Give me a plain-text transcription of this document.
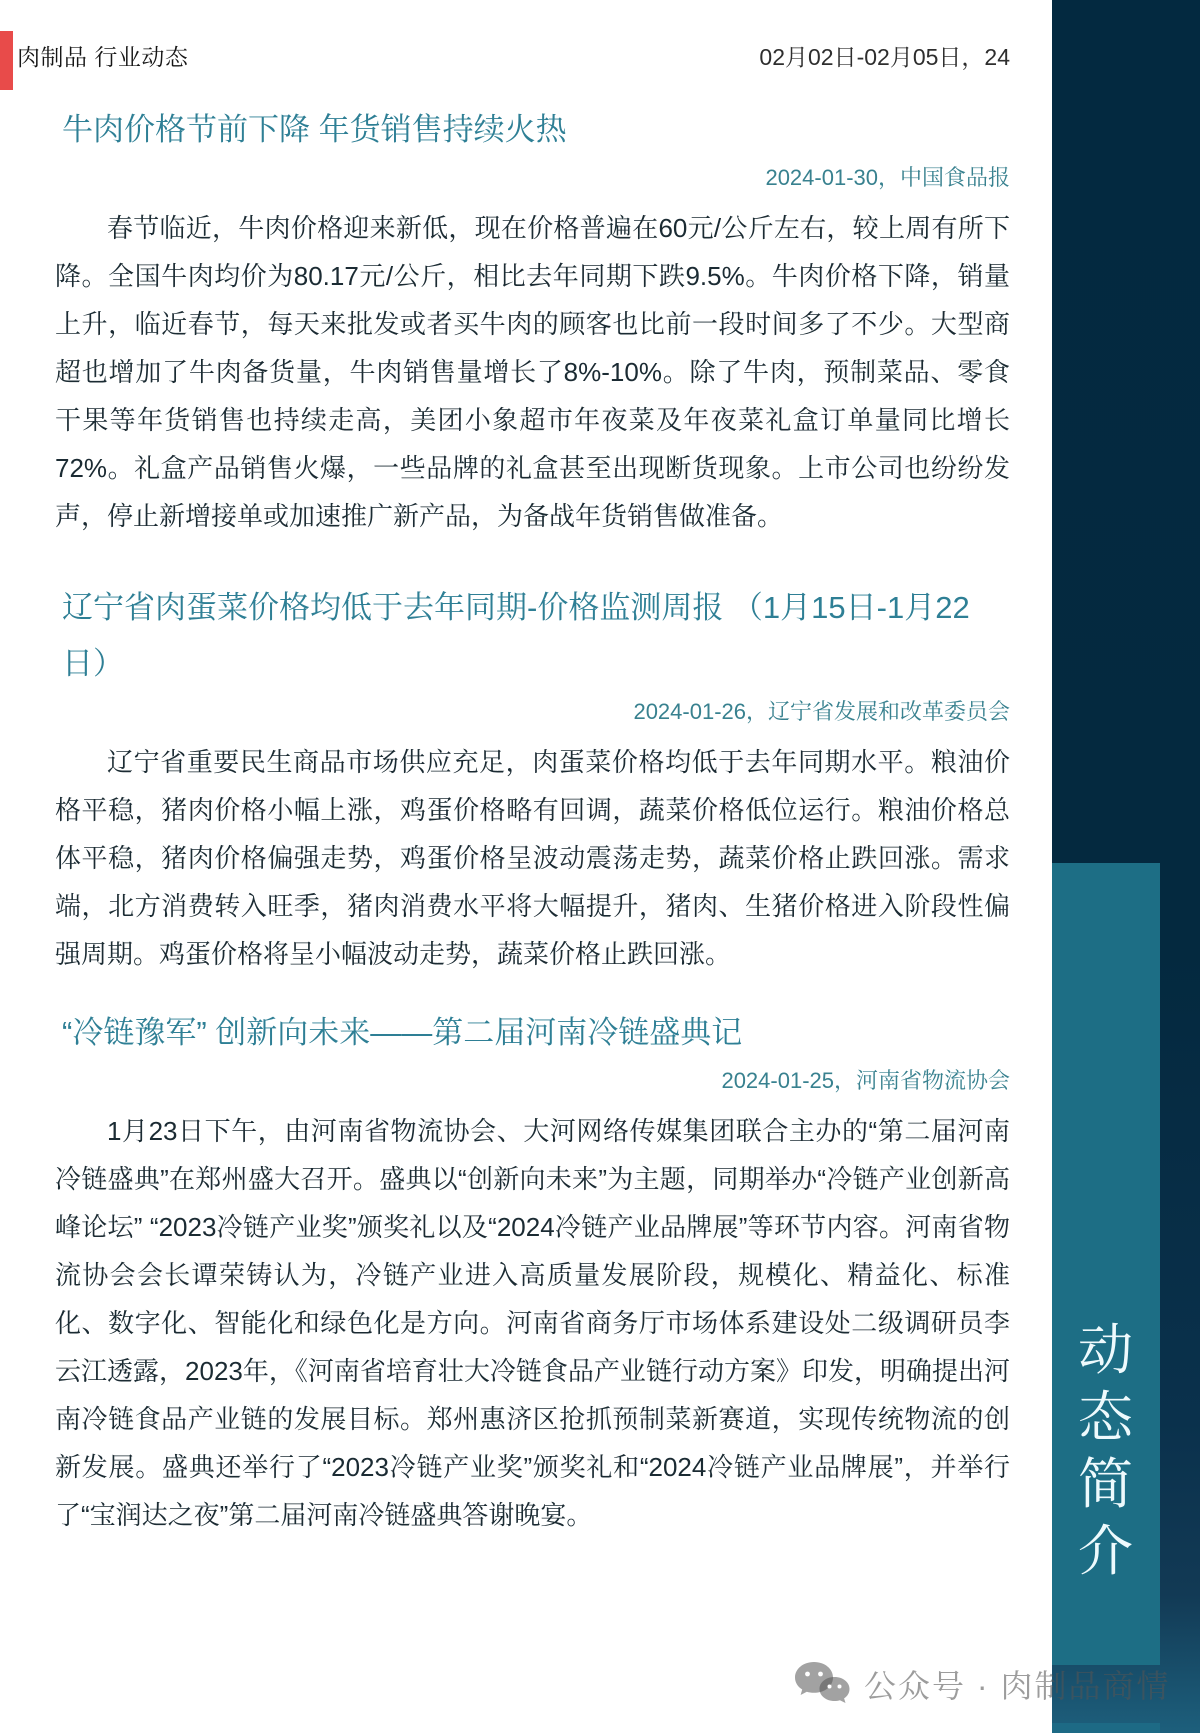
动态简介
肉制品 行业动态	02月02日-02月05日，24
牛肉价格节前下降 年货销售持续火热
2024-01-30，中国食品报

春节临近，牛肉价格迎来新低，现在价格普遍在60元/公斤左右，较上周有所下降。全国牛肉均价为80.17元/公斤，相比去年同期下跌9.5%。牛肉价格下降，销量上升，临近春节，每天来批发或者买牛肉的顾客也比前一段时间多了不少。大型商超也增加了牛肉备货量，牛肉销售量增长了8%-10%。除了牛肉，预制菜品、零食干果等年货销售也持续走高，美团小象超市年夜菜及年夜菜礼盒订单量同比增长72%。礼盒产品销售火爆，一些品牌的礼盒甚至出现断货现象。上市公司也纷纷发声，停止新增接单或加速推广新产品，为备战年货销售做准备。

辽宁省肉蛋菜价格均低于去年同期-价格监测周报 （1月15日-1月22日）
2024-01-26，辽宁省发展和改革委员会

辽宁省重要民生商品市场供应充足，肉蛋菜价格均低于去年同期水平。粮油价格平稳，猪肉价格小幅上涨，鸡蛋价格略有回调，蔬菜价格低位运行。粮油价格总体平稳，猪肉价格偏强走势，鸡蛋价格呈波动震荡走势，蔬菜价格止跌回涨。需求端，北方消费转入旺季，猪肉消费水平将大幅提升，猪肉、生猪价格进入阶段性偏强周期。鸡蛋价格将呈小幅波动走势，蔬菜价格止跌回涨。

“冷链豫军” 创新向未来——第二届河南冷链盛典记
2024-01-25，河南省物流协会

1月23日下午，由河南省物流协会、大河网络传媒集团联合主办的“第二届河南冷链盛典”在郑州盛大召开。盛典以“创新向未来”为主题，同期举办“冷链产业创新高峰论坛” “2023冷链产业奖”颁奖礼以及“2024冷链产业品牌展”等环节内容。河南省物流协会会长谭荣铸认为，冷链产业进入高质量发展阶段，规模化、精益化、标准化、数字化、智能化和绿色化是方向。河南省商务厅市场体系建设处二级调研员李云江透露，2023年，《河南省培育壮大冷链食品产业链行动方案》印发，明确提出河南冷链食品产业链的发展目标。郑州惠济区抢抓预制菜新赛道，实现传统物流的创新发展。盛典还举行了“2023冷链产业奖”颁奖礼和“2024冷链产业品牌展”，并举行了“宝润达之夜”第二届河南冷链盛典答谢晚宴。

公众号 · 肉制品商情
